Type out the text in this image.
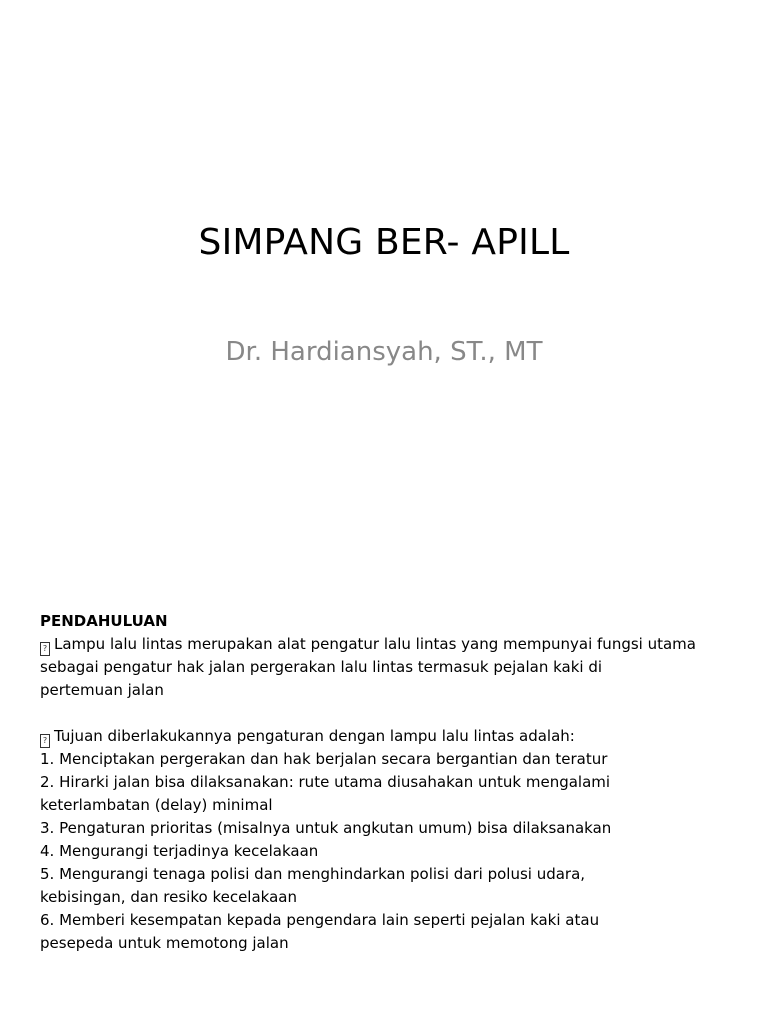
SIMPANG BER- APILL
Dr. Hardiansyah, ST., MT
PENDAHULUAN
? Lampu lalu lintas merupakan alat pengatur lalu lintas yang mempunyai fungsi utama
sebagai pengatur hak jalan pergerakan lalu lintas termasuk pejalan kaki di
pertemuan jalan
? Tujuan diberlakukannya pengaturan dengan lampu lalu lintas adalah:
1. Menciptakan pergerakan dan hak berjalan secara bergantian dan teratur
2. Hirarki jalan bisa dilaksanakan: rute utama diusahakan untuk mengalami
keterlambatan (delay) minimal
3. Pengaturan prioritas (misalnya untuk angkutan umum) bisa dilaksanakan
4. Mengurangi terjadinya kecelakaan
5. Mengurangi tenaga polisi dan menghindarkan polisi dari polusi udara,
kebisingan, dan resiko kecelakaan
6. Memberi kesempatan kepada pengendara lain seperti pejalan kaki atau
pesepeda untuk memotong jalan
